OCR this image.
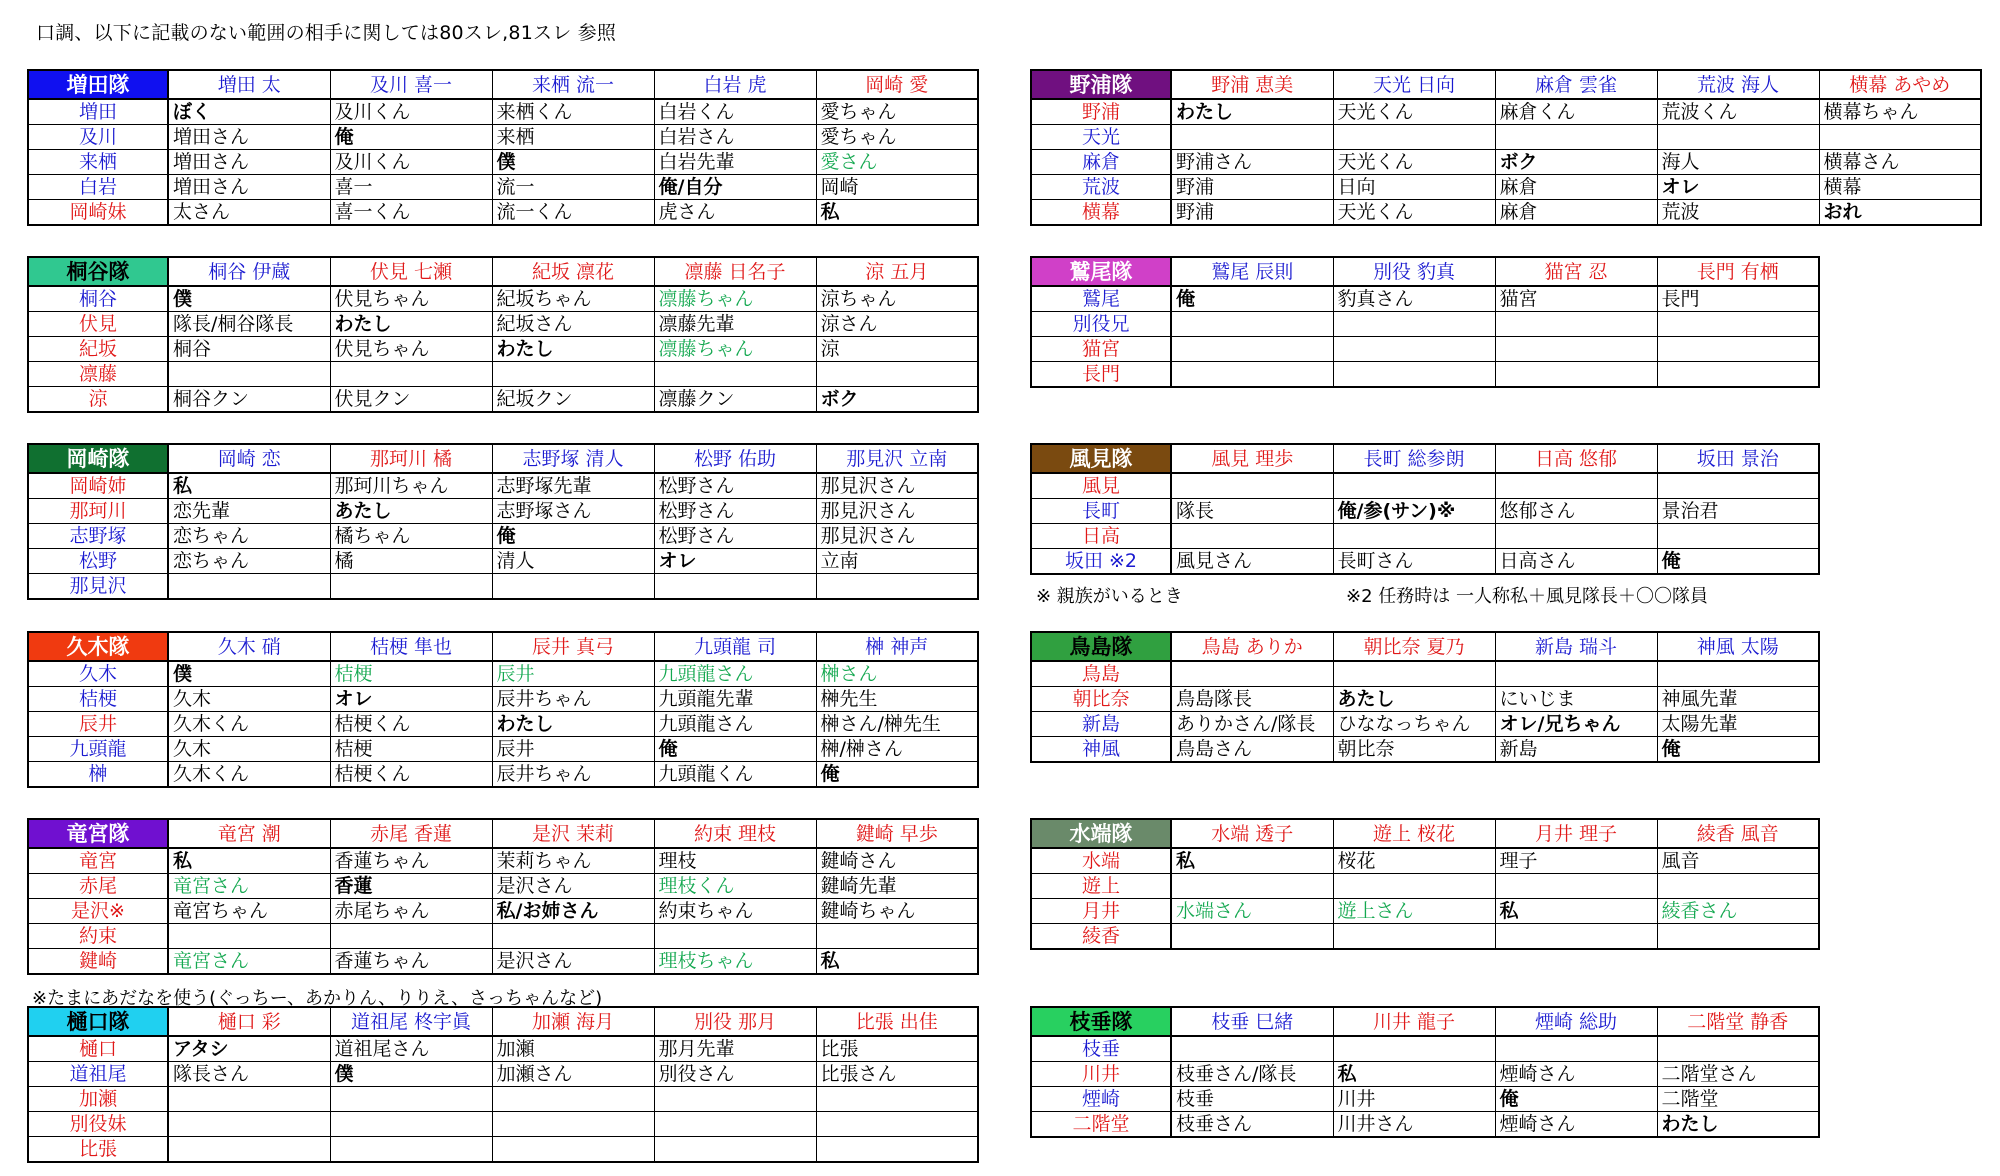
口調、以下に記載のない範囲の相手に関しては80スレ,81スレ 参照
増田隊	増田 太	及川 喜一	来栖 流一	白岩 虎	岡崎 愛
増田	ぼく	及川くん	来栖くん	白岩くん	愛ちゃん
及川	増田さん	俺	来栖	白岩さん	愛ちゃん
来栖	増田さん	及川くん	僕	白岩先輩	愛さん
白岩	増田さん	喜一	流一	俺/自分	岡崎
岡崎妹	太さん	喜一くん	流一くん	虎さん	私
桐谷隊	桐谷 伊蔵	伏見 七瀬	紀坂 凛花	凛藤 日名子	涼 五月
桐谷	僕	伏見ちゃん	紀坂ちゃん	凛藤ちゃん	涼ちゃん
伏見	隊長/桐谷隊長	わたし	紀坂さん	凛藤先輩	涼さん
紀坂	桐谷	伏見ちゃん	わたし	凛藤ちゃん	涼
凛藤					
涼	桐谷クン	伏見クン	紀坂クン	凛藤クン	ボク
岡崎隊	岡崎 恋	那珂川 橘	志野塚 清人	松野 佑助	那見沢 立南
岡崎姉	私	那珂川ちゃん	志野塚先輩	松野さん	那見沢さん
那珂川	恋先輩	あたし	志野塚さん	松野さん	那見沢さん
志野塚	恋ちゃん	橘ちゃん	俺	松野さん	那見沢さん
松野	恋ちゃん	橘	清人	オレ	立南
那見沢					
久木隊	久木 硝	桔梗 隼也	辰井 真弓	九頭龍 司	榊 神声
久木	僕	桔梗	辰井	九頭龍さん	榊さん
桔梗	久木	オレ	辰井ちゃん	九頭龍先輩	榊先生
辰井	久木くん	桔梗くん	わたし	九頭龍さん	榊さん/榊先生
九頭龍	久木	桔梗	辰井	俺	榊/榊さん
榊	久木くん	桔梗くん	辰井ちゃん	九頭龍くん	俺
竜宮隊	竜宮 潮	赤尾 香蓮	是沢 茉莉	約束 理枝	鍵崎 早歩
竜宮	私	香蓮ちゃん	茉莉ちゃん	理枝	鍵崎さん
赤尾	竜宮さん	香蓮	是沢さん	理枝くん	鍵崎先輩
是沢※	竜宮ちゃん	赤尾ちゃん	私/お姉さん	約束ちゃん	鍵崎ちゃん
約束					
鍵崎	竜宮さん	香蓮ちゃん	是沢さん	理枝ちゃん	私
樋口隊	樋口 彩	道祖尾 柊宇眞	加瀬 海月	別役 那月	比張 出佳
樋口	アタシ	道祖尾さん	加瀬	那月先輩	比張
道祖尾	隊長さん	僕	加瀬さん	別役さん	比張さん
加瀬					
別役妹					
比張					
野浦隊	野浦 恵美	天光 日向	麻倉 雲雀	荒波 海人	横幕 あやめ
野浦	わたし	天光くん	麻倉くん	荒波くん	横幕ちゃん
天光					
麻倉	野浦さん	天光くん	ボク	海人	横幕さん
荒波	野浦	日向	麻倉	オレ	横幕
横幕	野浦	天光くん	麻倉	荒波	おれ
鷲尾隊	鷲尾 辰則	別役 豹真	猫宮 忍	長門 有栖
鷲尾	俺	豹真さん	猫宮	長門
別役兄				
猫宮				
長門				
風見隊	風見 理歩	長町 総参朗	日高 悠郁	坂田 景治
風見				
長町	隊長	俺/参(サン)※	悠郁さん	景治君
日高				
坂田 ※2	風見さん	長町さん	日高さん	俺
鳥島隊	鳥島 ありか	朝比奈 夏乃	新島 瑞斗	神風 太陽
鳥島				
朝比奈	鳥島隊長	あたし	にいじま	神風先輩
新島	ありかさん/隊長	ひななっちゃん	オレ/兄ちゃん	太陽先輩
神風	鳥島さん	朝比奈	新島	俺
水端隊	水端 透子	遊上 桜花	月井 理子	綾香 風音
水端	私	桜花	理子	風音
遊上				
月井	水端さん	遊上さん	私	綾香さん
綾香				
枝垂隊	枝垂 巳緒	川井 龍子	煙崎 総助	二階堂 静香
枝垂				
川井	枝垂さん/隊長	私	煙崎さん	二階堂さん
煙崎	枝垂	川井	俺	二階堂
二階堂	枝垂さん	川井さん	煙崎さん	わたし
※ 親族がいるとき	※2 任務時は 一人称私＋風見隊長＋〇〇隊員
※たまにあだなを使う(ぐっちー、あかりん、りりえ、さっちゃんなど)
